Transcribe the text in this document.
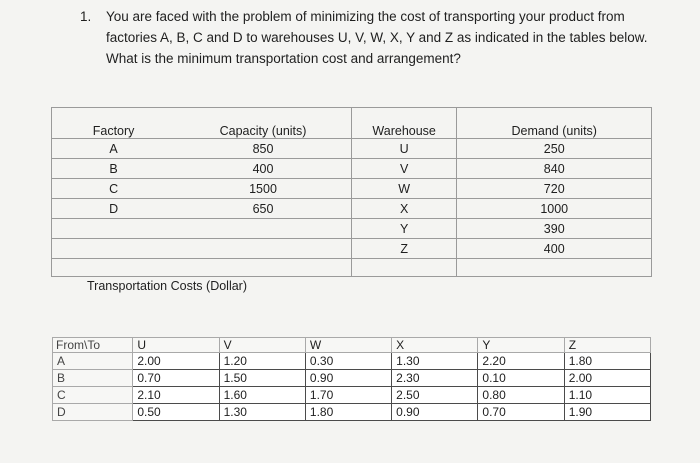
1. You are faced with the problem of minimizing the cost of transporting your product from
factories A, B, C and D to warehouses U, V, W, X, Y and Z as indicated in the tables below.
What is the minimum transportation cost and arrangement?
Factory	Capacity (units)	Warehouse	Demand (units)
A	850	U	250
B	400	V	840
C	1500	W	720
D	650	X	1000
		Y	390
		Z	400

Transportation Costs (Dollar)
From\To	U	V	W	X	Y	Z
A	2.00	1.20	0.30	1.30	2.20	1.80
B	0.70	1.50	0.90	2.30	0.10	2.00
C	2.10	1.60	1.70	2.50	0.80	1.10
D	0.50	1.30	1.80	0.90	0.70	1.90
